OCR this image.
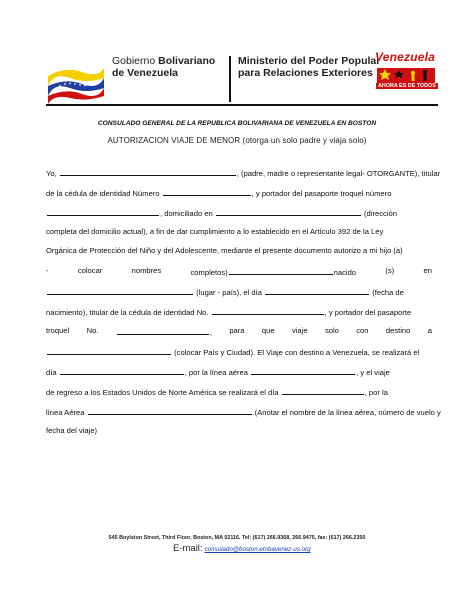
Gobierno Bolivariano
de Venezuela
Ministerio del Poder Popular
para Relaciones Exteriores
Venezuela
AHORA ES DE TODOS
CONSULADO GENERAL DE LA REPUBLICA BOLIVARIANA DE VENEZUELA EN BOSTON
AUTORIZACION VIAJE DE MENOR (otorga un solo padre y viaja solo)
Yo,	, (padre, madre o representante legal- OTORGANTE), titular
de la cédula de identidad Número	, y portador del pasaporte troquel número
, domiciliado en	(dirección
completa del domicilio actual), a fin de dar cumplimiento a lo establecido en el Artículo 392 de la Ley
Orgánica de Protección del Niño y del Adolescente, mediante el presente documento autorizo a mi hijo (a)
-	colocar	nombres	completos)	nacido	(s)	en
(lugar - país), el día	(fecha de
nacimiento), titular de la cédula de identidad No.	, y portador del pasaporte
troquel No.	, para que viaje solo con destino a
(colocar País y Ciudad). El Viaje con destino a Venezuela, se realizará el
día	, por la línea aérea	, y el viaje
de regreso a los Estados Unidos de Norte América se realizará el día	, por la
línea Aérea	.(Anotar el nombre de la línea aérea, número de vuelo y
fecha del viaje)
545 Boylston Street, Third Floor, Boston, MA 02116, Tel: (617) 266.9368, 266.9475, fax: (617) 266.2350
E-mail: consulado@boston.embavenez-us.org
